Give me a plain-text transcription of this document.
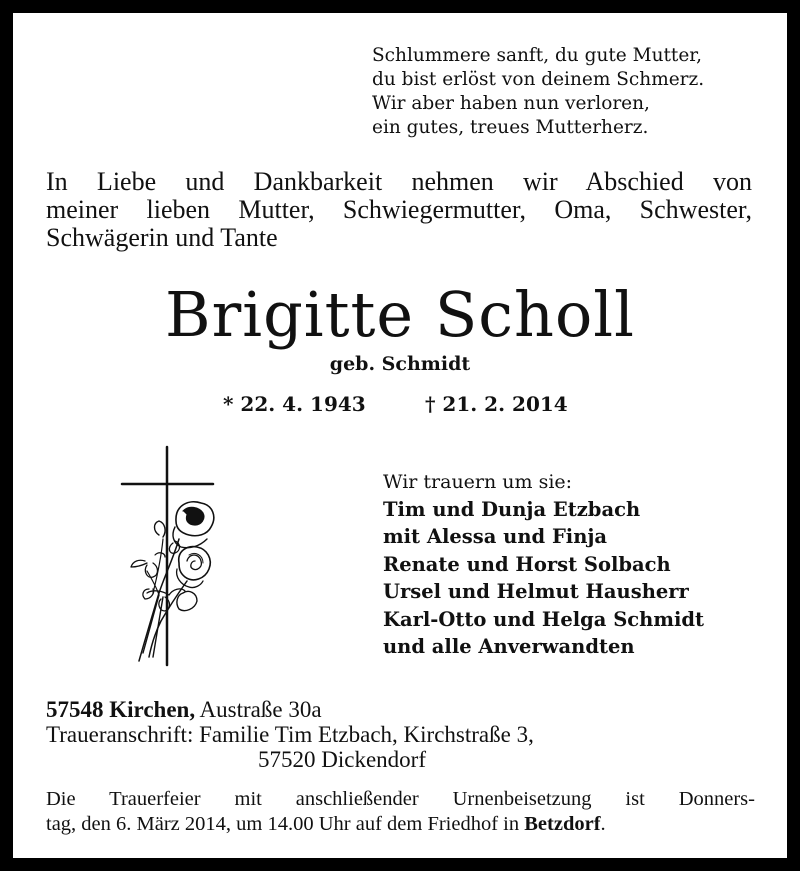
Schlummere sanft, du gute Mutter,
du bist erlöst von deinem Schmerz.
Wir aber haben nun verloren,
ein gutes, treues Mutterherz.
In Liebe und Dankbarkeit nehmen wir Abschied von
meiner lieben Mutter, Schwiegermutter, Oma, Schwester,
Schwägerin und Tante
Brigitte Scholl
geb. Schmidt
* 22. 4. 1943	† 21. 2. 2014
Wir trauern um sie:
Tim und Dunja Etzbach
mit Alessa und Finja
Renate und Horst Solbach
Ursel und Helmut Hausherr
Karl-Otto und Helga Schmidt
und alle Anverwandten
57548 Kirchen, Austraße 30a
Traueranschrift: Familie Tim Etzbach, Kirchstraße 3,
57520 Dickendorf
Die Trauerfeier mit anschließender Urnenbeisetzung ist Donners-
tag, den 6. März 2014, um 14.00 Uhr auf dem Friedhof in Betzdorf.
